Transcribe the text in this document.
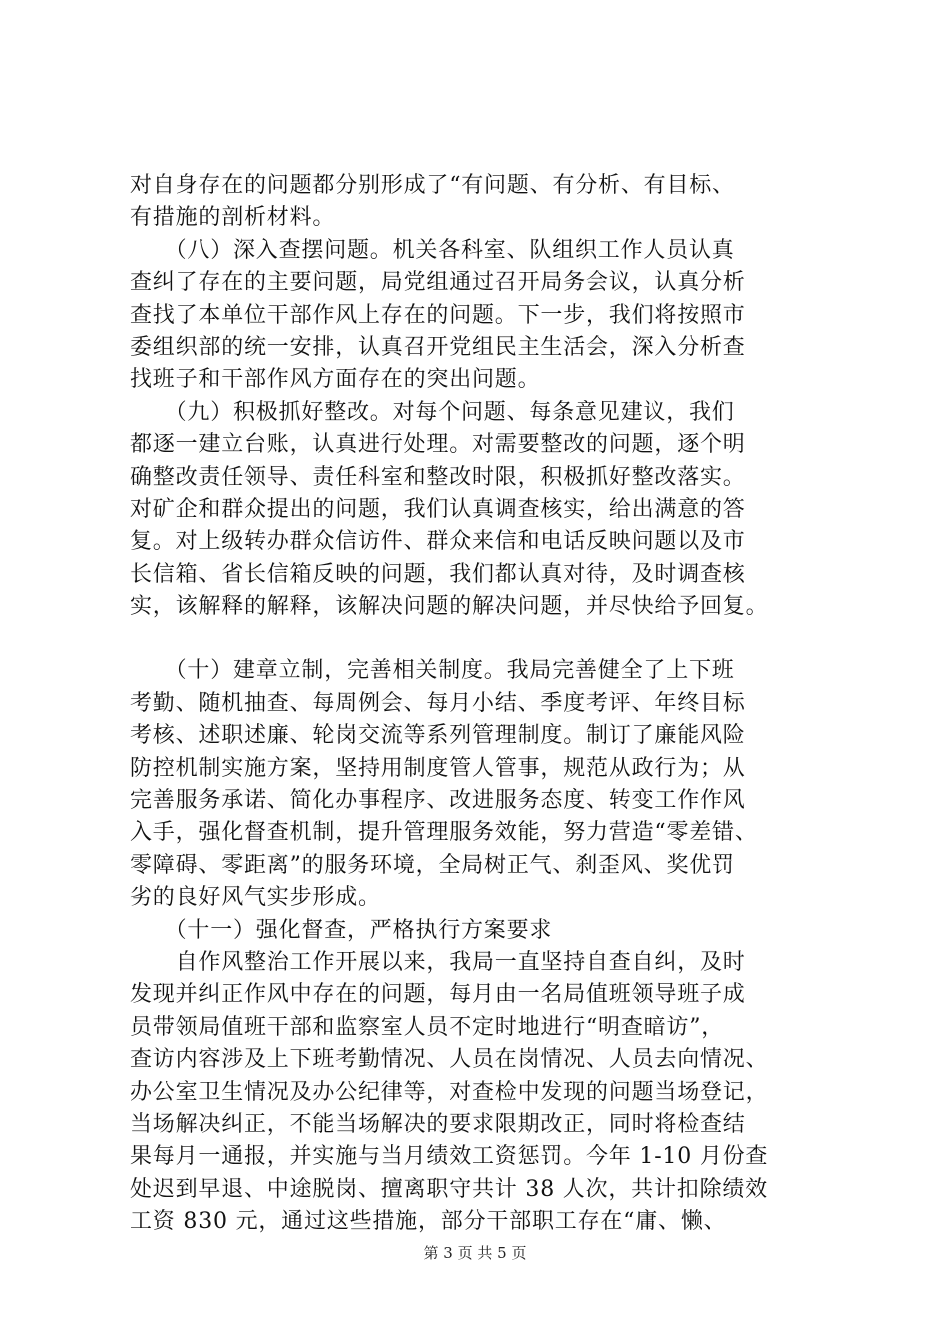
对自身存在的问题都分别形成了“有问题、有分析、有目标、
有措施的剖析材料。
　　（八）深入查摆问题。机关各科室、队组织工作人员认真
查纠了存在的主要问题，局党组通过召开局务会议，认真分析
查找了本单位干部作风上存在的问题。下一步，我们将按照市
委组织部的统一安排，认真召开党组民主生活会，深入分析查
找班子和干部作风方面存在的突出问题。
　　（九）积极抓好整改。对每个问题、每条意见建议，我们
都逐一建立台账，认真进行处理。对需要整改的问题，逐个明
确整改责任领导、责任科室和整改时限，积极抓好整改落实。
对矿企和群众提出的问题，我们认真调查核实，给出满意的答
复。对上级转办群众信访件、群众来信和电话反映问题以及市
长信箱、省长信箱反映的问题，我们都认真对待，及时调查核
实，该解释的解释，该解决问题的解决问题，并尽快给予回复。
　　（十）建章立制，完善相关制度。我局完善健全了上下班
考勤、随机抽查、每周例会、每月小结、季度考评、年终目标
考核、述职述廉、轮岗交流等系列管理制度。制订了廉能风险
防控机制实施方案，坚持用制度管人管事，规范从政行为；从
完善服务承诺、简化办事程序、改进服务态度、转变工作作风
入手，强化督查机制，提升管理服务效能，努力营造“零差错、
零障碍、零距离”的服务环境，全局树正气、刹歪风、奖优罚
劣的良好风气实步形成。
　　（十一）强化督查，严格执行方案要求
　　自作风整治工作开展以来，我局一直坚持自查自纠，及时
发现并纠正作风中存在的问题，每月由一名局值班领导班子成
员带领局值班干部和监察室人员不定时地进行“明查暗访”，
查访内容涉及上下班考勤情况、人员在岗情况、人员去向情况、
办公室卫生情况及办公纪律等，对查检中发现的问题当场登记，
当场解决纠正，不能当场解决的要求限期改正，同时将检查结
果每月一通报，并实施与当月绩效工资惩罚。今年 1-10 月份查
处迟到早退、中途脱岗、擅离职守共计 38 人次，共计扣除绩效
工资 830 元，通过这些措施，部分干部职工存在“庸、懒、
第 3 页 共 5 页
